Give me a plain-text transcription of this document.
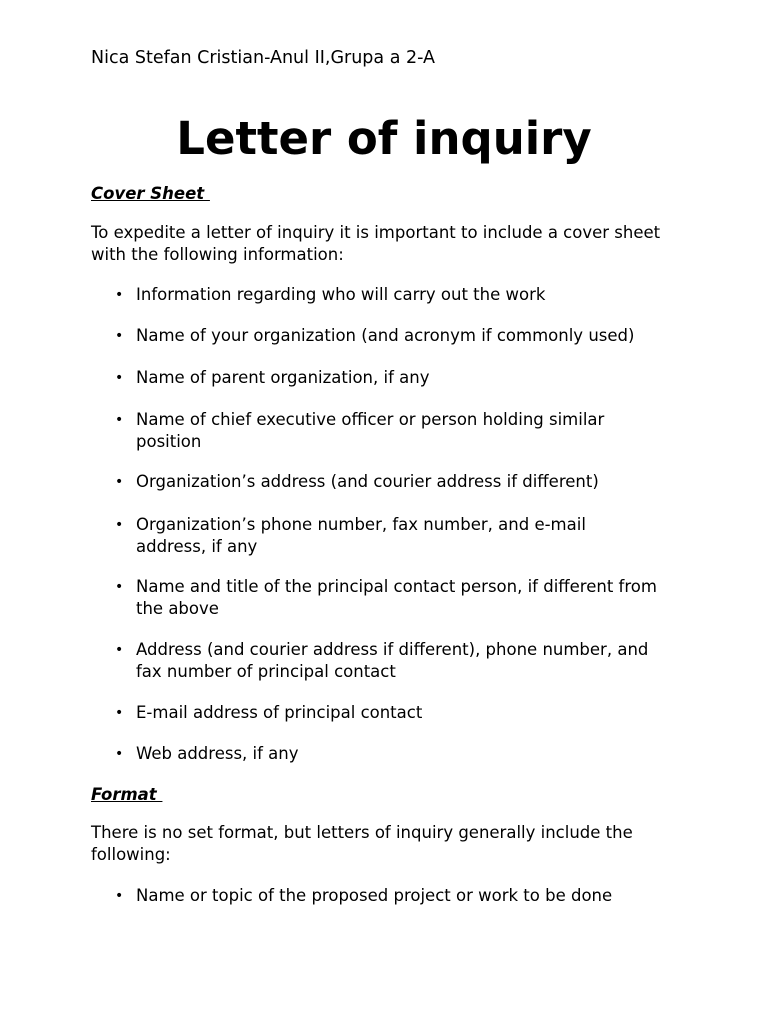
Nica Stefan Cristian-Anul II,Grupa a 2-A
Letter of inquiry
Cover Sheet
To expedite a letter of inquiry it is important to include a cover sheet with the following information:
• Information regarding who will carry out the work
• Name of your organization (and acronym if commonly used)
• Name of parent organization, if any
• Name of chief executive officer or person holding similar position
• Organization’s address (and courier address if different)
• Organization’s phone number, fax number, and e-mail address, if any
• Name and title of the principal contact person, if different from the above
• Address (and courier address if different), phone number, and fax number of principal contact
• E-mail address of principal contact
• Web address, if any
Format
There is no set format, but letters of inquiry generally include the following:
• Name or topic of the proposed project or work to be done
